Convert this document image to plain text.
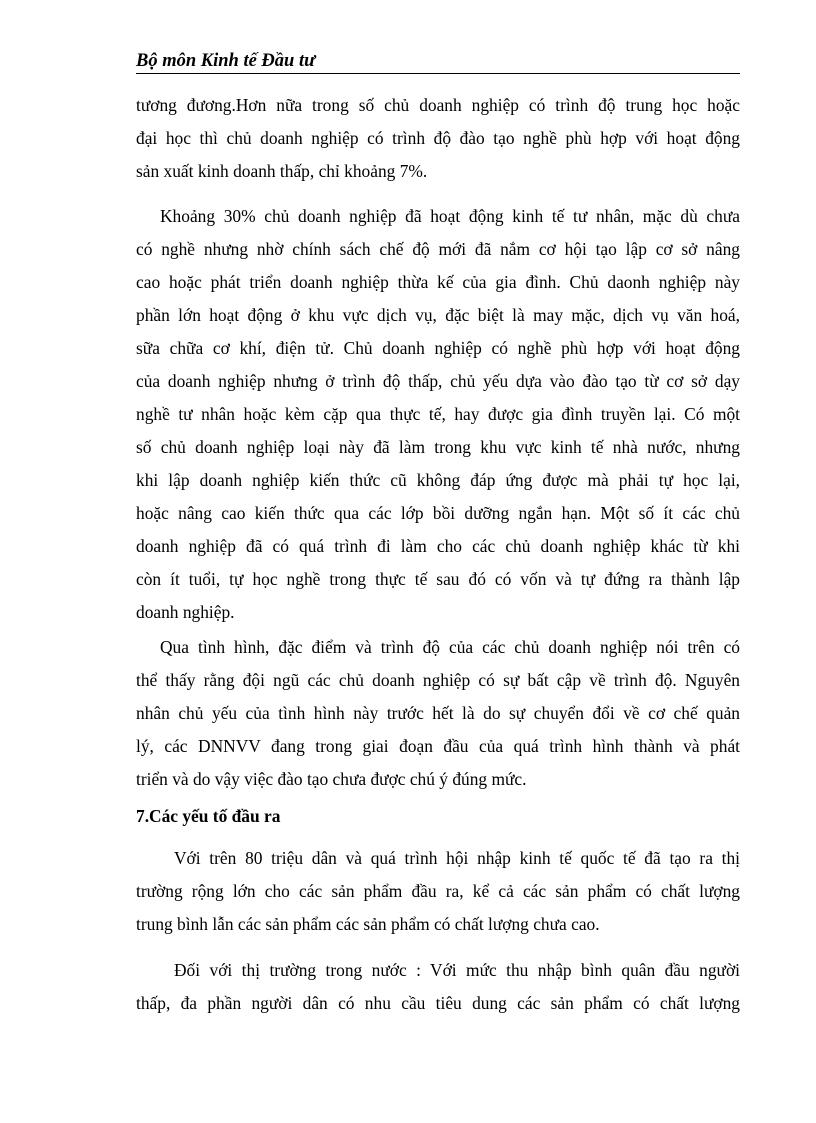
Bộ môn Kinh tế Đầu tư
tương đương.Hơn nữa trong số chủ doanh nghiệp có trình độ trung học hoặc
đại học thì chủ doanh nghiệp có trình độ đào tạo nghề phù hợp với hoạt động
sản xuất kinh doanh thấp, chỉ khoảng 7%.
Khoảng 30% chủ doanh nghiệp đã hoạt động kinh tế tư nhân, mặc dù chưa
có nghề nhưng nhờ chính sách chế độ mới đã nắm cơ hội tạo lập cơ sở nâng
cao hoặc phát triển doanh nghiệp thừa kế của gia đình. Chủ daonh nghiệp này
phần lớn hoạt động ở khu vực dịch vụ, đặc biệt là may mặc, dịch vụ văn hoá,
sữa chữa cơ khí, điện tử. Chủ doanh nghiệp có nghề phù hợp với hoạt động
của doanh nghiệp nhưng ở trình độ thấp, chủ yếu dựa vào đào tạo từ cơ sở dạy
nghề tư nhân hoặc kèm cặp qua thực tế, hay được gia đình truyền lại. Có một
số chủ doanh nghiệp loại này đã làm trong khu vực kinh tế nhà nước, nhưng
khi lập doanh nghiệp kiến thức cũ không đáp ứng được mà phải tự học lại,
hoặc nâng cao kiến thức qua các lớp bồi dưỡng ngắn hạn. Một số ít các chủ
doanh nghiệp đã có quá trình đi làm cho các chủ doanh nghiệp khác từ khi
còn ít tuổi, tự học nghề trong thực tế sau đó có vốn và tự đứng ra thành lập
doanh nghiệp.
Qua tình hình, đặc điểm và trình độ của các chủ doanh nghiệp nói trên có
thể thấy rằng đội ngũ các chủ doanh nghiệp có sự bất cập về trình độ. Nguyên
nhân chủ yếu của tình hình này trước hết là do sự chuyển đổi về cơ chế quản
lý, các DNNVV đang trong giai đoạn đầu của quá trình hình thành và phát
triển và do vậy việc đào tạo chưa được chú ý đúng mức.
7.Các yếu tố đầu ra
Với trên 80 triệu dân và quá trình hội nhập kinh tế quốc tế đã tạo ra thị
trường rộng lớn cho các sản phẩm đầu ra, kể cả các sản phẩm có chất lượng
trung bình lẫn các sản phẩm các sản phẩm có chất lượng chưa cao.
Đối với thị trường trong nước : Với mức thu nhập bình quân đầu người
thấp, đa phần người dân có nhu cầu tiêu dung các sản phẩm có chất lượng
